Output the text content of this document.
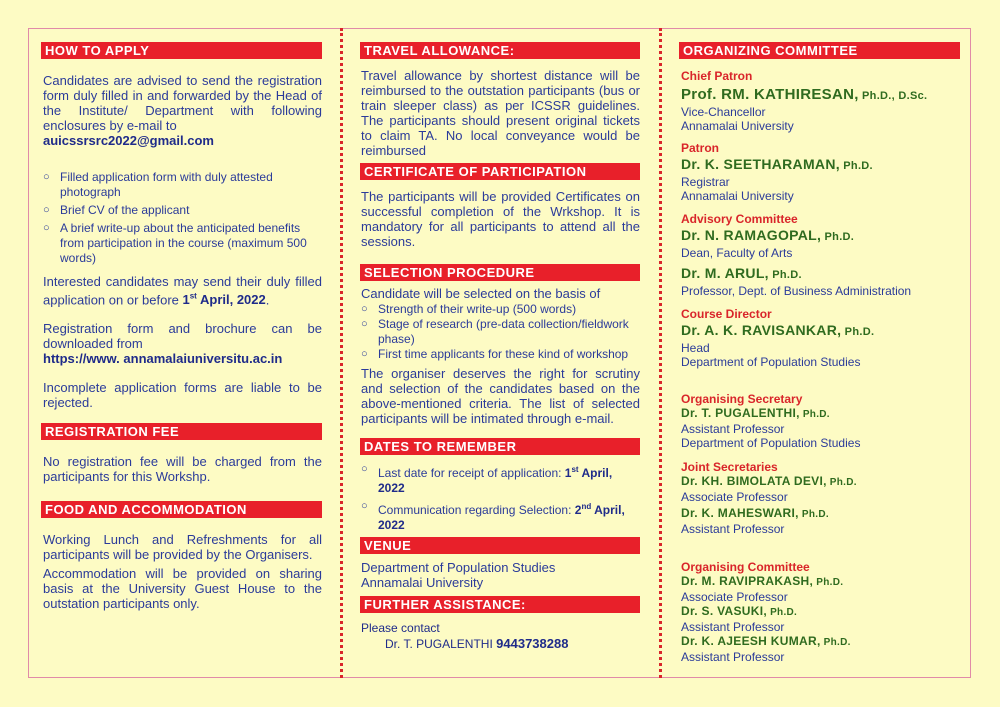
HOW TO APPLY
Candidates are advised to send the registration form duly filled in and forwarded by the Head of the Institute/ Department with following enclosures by e-mail to
auicssrsrc2022@gmail.com
○ Filled application form with duly attested photograph
○ Brief CV of the applicant
○ A brief write-up about the anticipated benefits from participation in the course (maximum 500 words)
Interested candidates may send their duly filled application on or before 1st April, 2022.
Registration form and brochure can be downloaded from
https://www. annamalaiuniversitu.ac.in
Incomplete application forms are liable to be rejected.
REGISTRATION FEE
No registration fee will be charged from the participants for this Workshp.
FOOD AND ACCOMMODATION
Working Lunch and Refreshments for all participants will be provided by the Organisers.
Accommodation will be provided on sharing basis at the University Guest House to the outstation participants only.
TRAVEL ALLOWANCE:
Travel allowance by shortest distance will be reimbursed to the outstation participants (bus or train sleeper class) as per ICSSR guidelines. The participants should present original tickets to claim TA. No local conveyance would be reimbursed
CERTIFICATE OF PARTICIPATION
The participants will be provided Certificates on successful completion of the Wrkshop. It is mandatory for all participants to attend all the sessions.
SELECTION PROCEDURE
Candidate will be selected on the basis of
○ Strength of their write-up (500 words)
○ Stage of research (pre-data collection/fieldwork phase)
○ First time applicants for these kind of workshop
The organiser deserves the right for scrutiny and selection of the candidates based on the above-mentioned criteria. The list of selected participants will be intimated through e-mail.
DATES TO REMEMBER
○ Last date for receipt of application: 1st April, 2022
○ Communication regarding Selection: 2nd April, 2022
VENUE
Department of Population Studies
Annamalai University
FURTHER ASSISTANCE:
Please contact
Dr. T. PUGALENTHI 9443738288
ORGANIZING COMMITTEE
Chief Patron
Prof. RM. KATHIRESAN, Ph.D., D.Sc.
Vice-Chancellor
Annamalai University
Patron
Dr. K. SEETHARAMAN, Ph.D.
Registrar
Annamalai University
Advisory Committee
Dr. N. RAMAGOPAL, Ph.D.
Dean, Faculty of Arts
Dr. M. ARUL, Ph.D.
Professor, Dept. of Business Administration
Course Director
Dr. A. K. RAVISANKAR, Ph.D.
Head
Department of Population Studies
Organising Secretary
Dr. T. PUGALENTHI, Ph.D.
Assistant Professor
Department of Population Studies
Joint Secretaries
Dr. KH. BIMOLATA DEVI, Ph.D.
Associate Professor
Dr. K. MAHESWARI, Ph.D.
Assistant Professor
Organising Committee
Dr. M. RAVIPRAKASH, Ph.D.
Associate Professor
Dr. S. VASUKI, Ph.D.
Assistant Professor
Dr. K. AJEESH KUMAR, Ph.D.
Assistant Professor
